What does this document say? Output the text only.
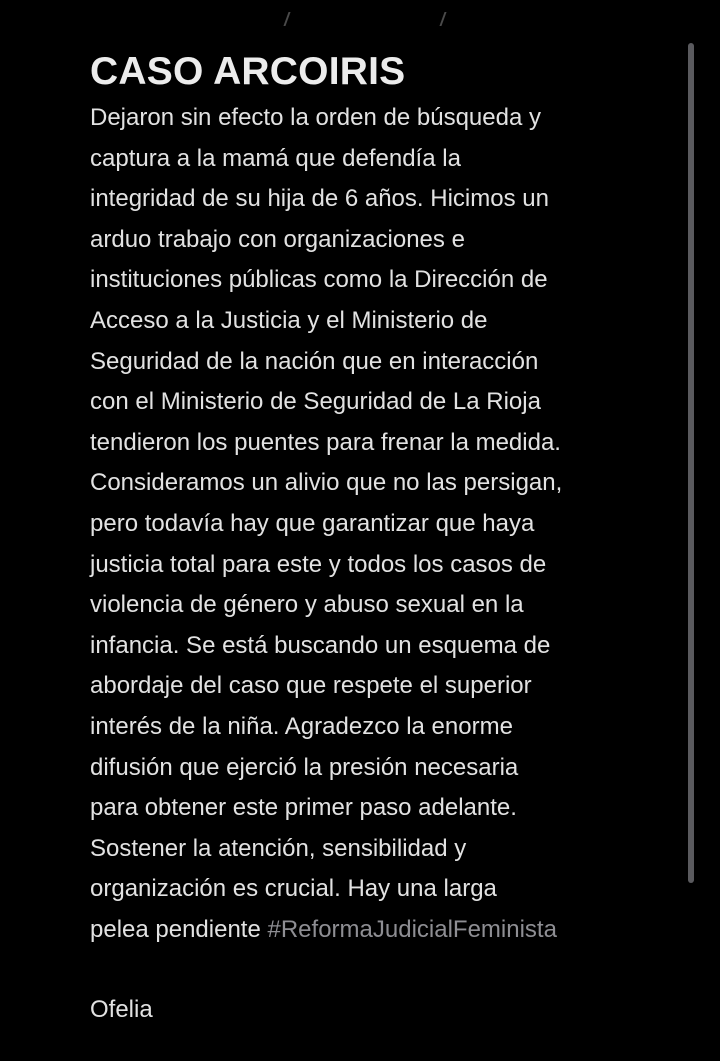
CASO ARCOIRIS
Dejaron sin efecto la orden de búsqueda y
captura a la mamá que defendía la
integridad de su hija de 6 años. Hicimos un
arduo trabajo con organizaciones e
instituciones públicas como la Dirección de
Acceso a la Justicia y el Ministerio de
Seguridad de la nación que en interacción
con el Ministerio de Seguridad de La Rioja
tendieron los puentes para frenar la medida.
Consideramos un alivio que no las persigan,
pero todavía hay que garantizar que haya
justicia total para este y todos los casos de
violencia de género y abuso sexual en la
infancia. Se está buscando un esquema de
abordaje del caso que respete el superior
interés de la niña. Agradezco la enorme
difusión que ejerció la presión necesaria
para obtener este primer paso adelante.
Sostener la atención, sensibilidad y
organización es crucial. Hay una larga
pelea pendiente #ReformaJudicialFeminista
Ofelia
